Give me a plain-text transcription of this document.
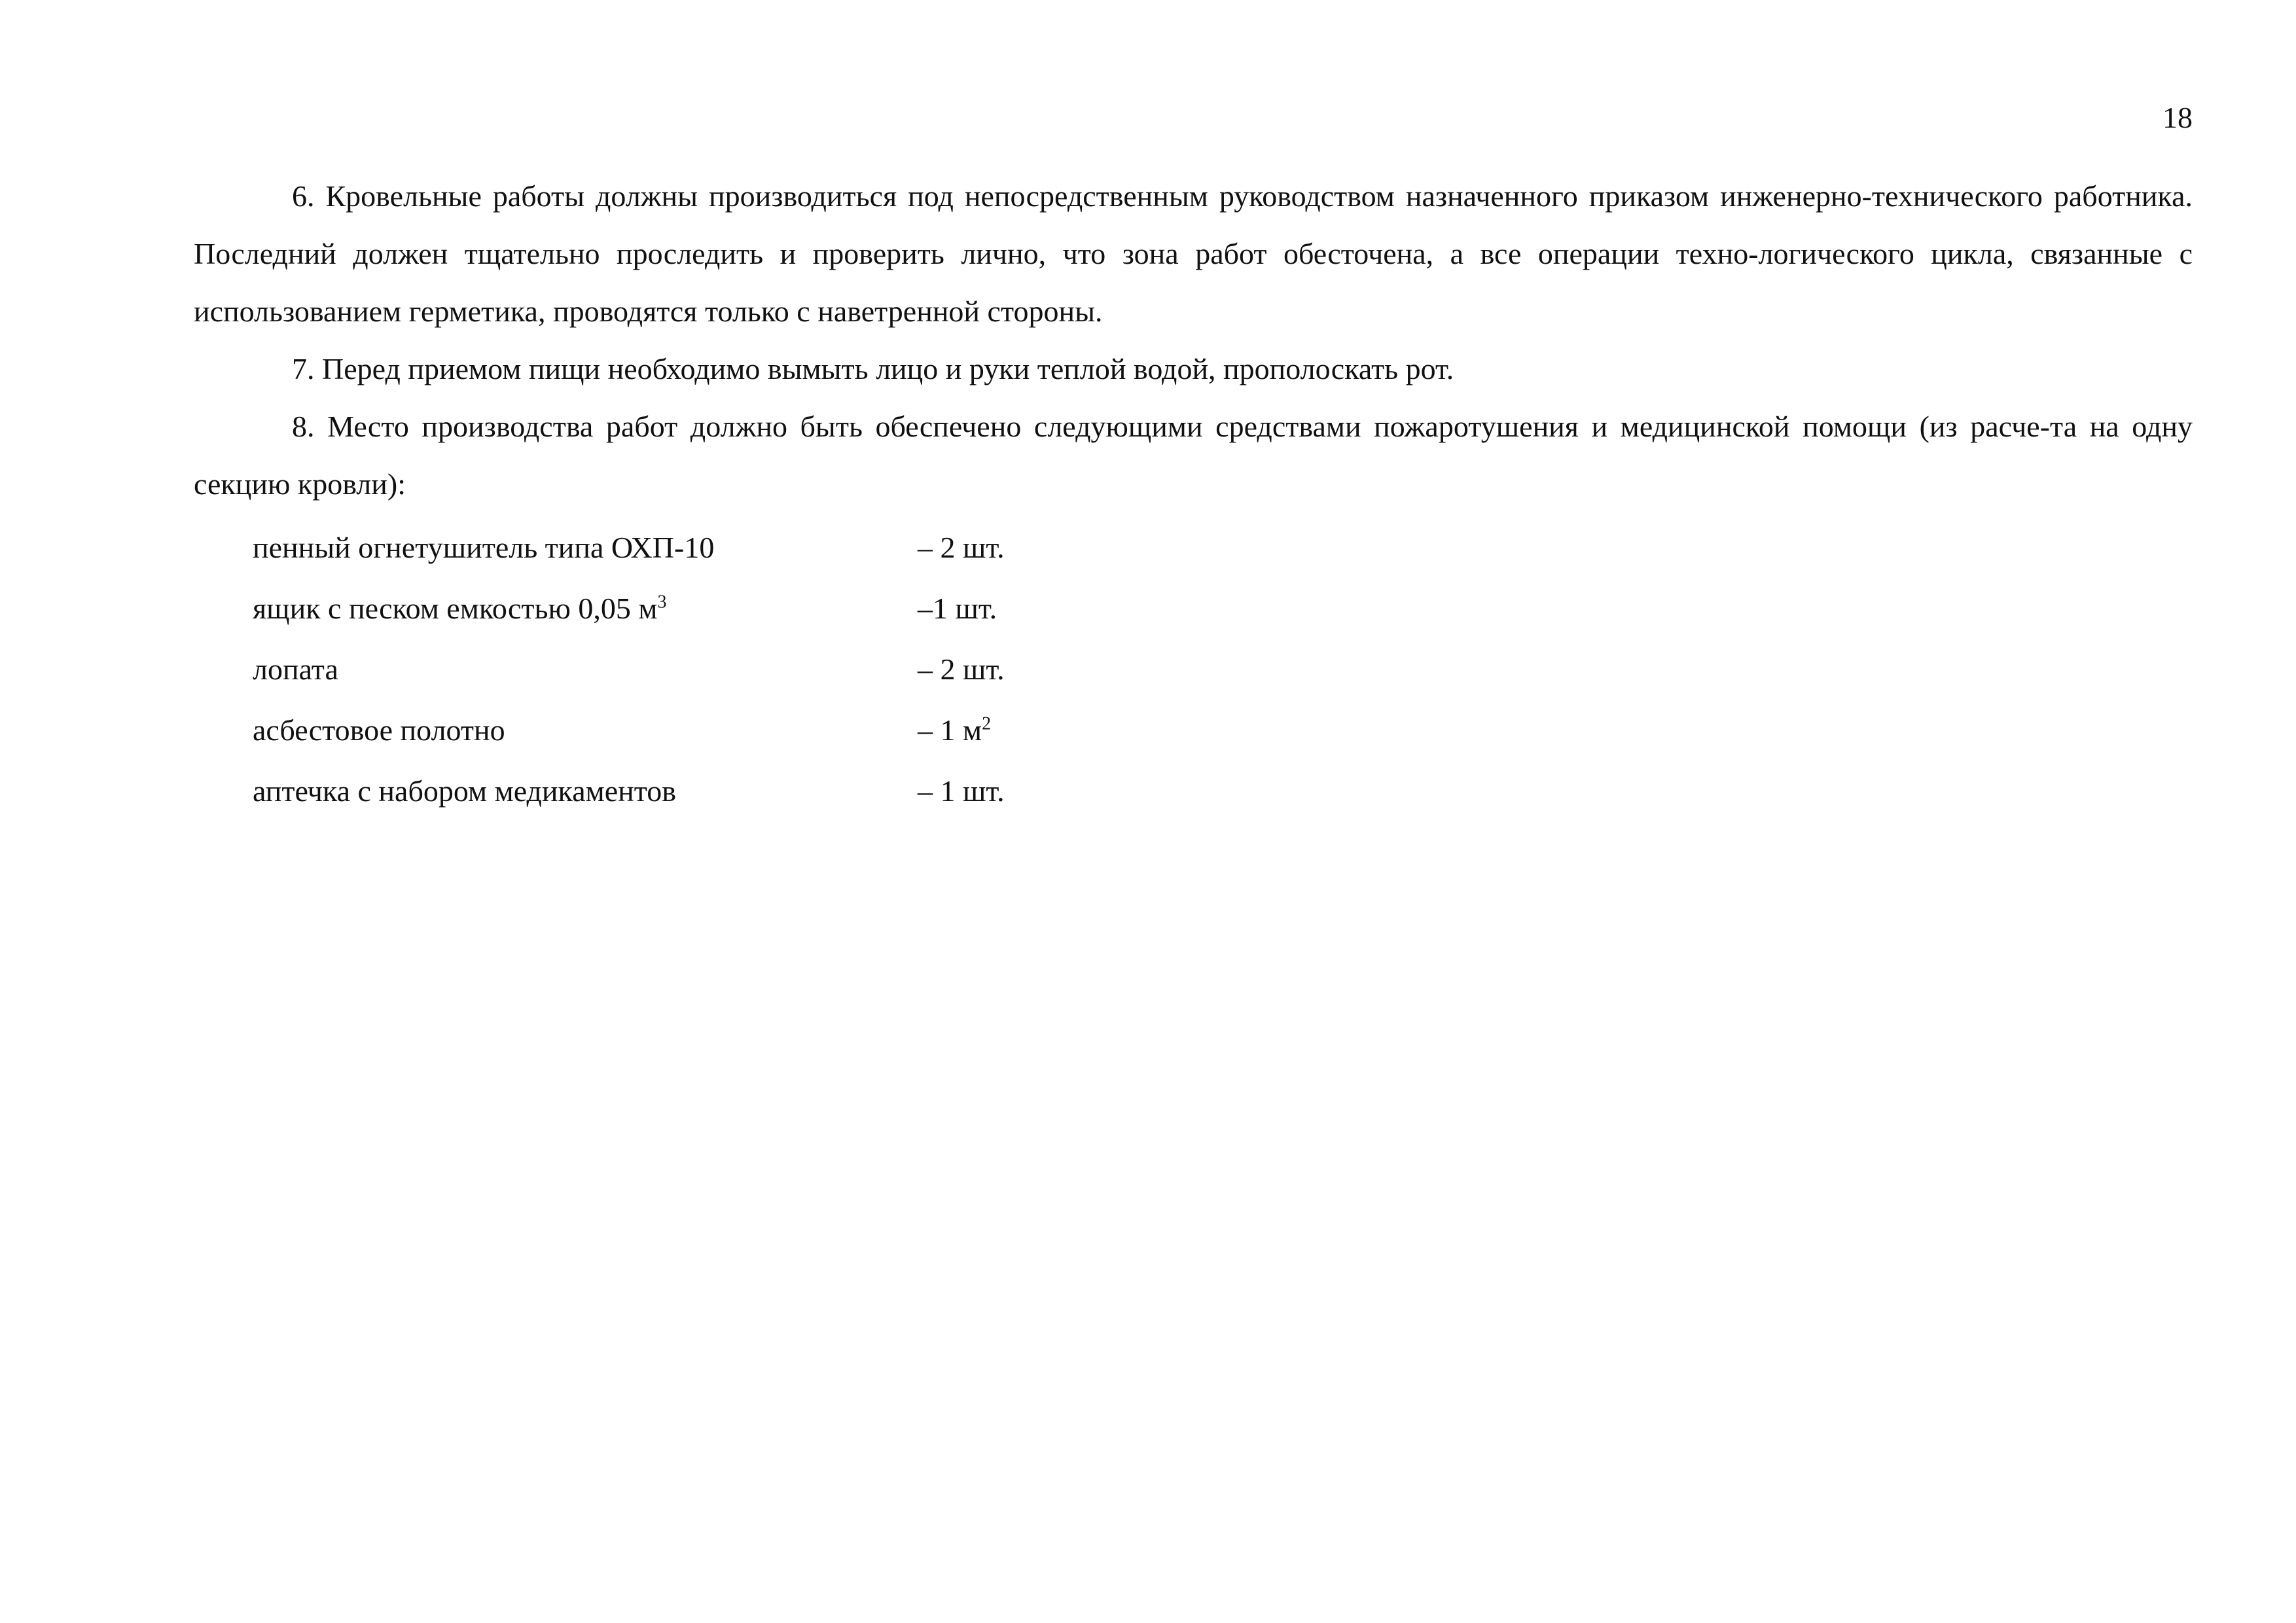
18

6. Кровельные работы должны производиться под непосредственным руководством назначенного приказом инженерно-технического работника. Последний должен тщательно проследить и проверить лично, что зона работ обесточена, а все операции техно-логического цикла, связанные с использованием герметика, проводятся только с наветренной стороны.

7. Перед приемом пищи необходимо вымыть лицо и руки теплой водой, прополоскать рот.

8. Место производства работ должно быть обеспечено следующими средствами пожаротушения и медицинской помощи (из расче-та на одну секцию кровли):

пенный огнетушитель типа ОХП-10	– 2 шт.
ящик с песком емкостью 0,05 $м^3$	–1 шт.
лопата	– 2 шт.
асбестовое полотно	– 1 $м^2$
аптечка с набором медикаментов	– 1 шт.
